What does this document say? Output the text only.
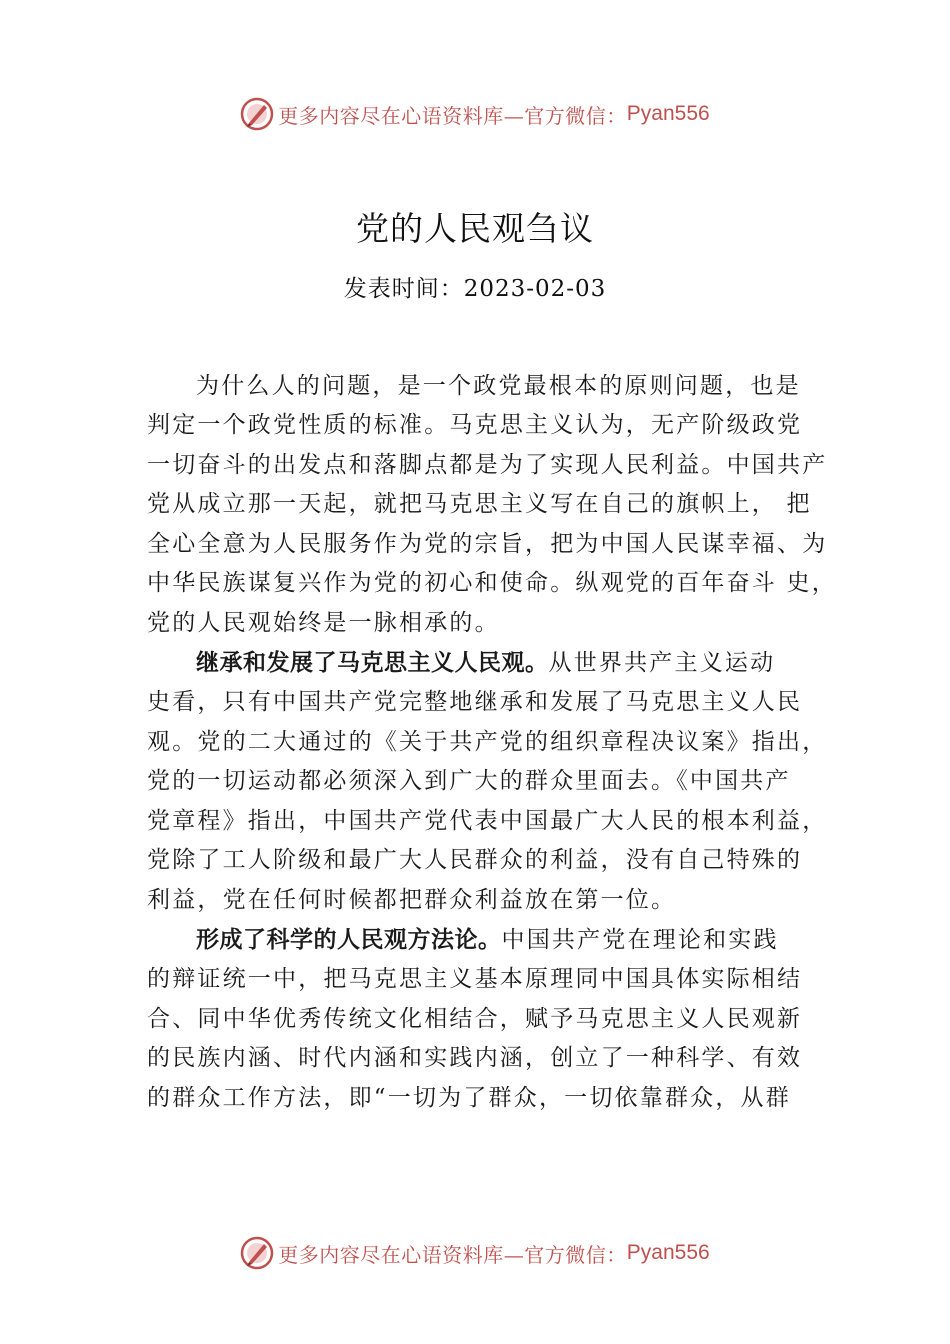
更多内容尽在心语资料库—官方微信： Pyan556
党的人民观刍议
发表时间：2023-02-03
为什么人的问题，是一个政党最根本的原则问题，也是
判定一个政党性质的标准。马克思主义认为，无产阶级政党
一切奋斗的出发点和落脚点都是为了实现人民利益。中国共产
党从成立那一天起，就把马克思主义写在自己的旗帜上， 把
全心全意为人民服务作为党的宗旨，把为中国人民谋幸福、为
中华民族谋复兴作为党的初心和使命。纵观党的百年奋斗 史，
党的人民观始终是一脉相承的。
继承和发展了马克思主义人民观。从世界共产主义运动
史看，只有中国共产党完整地继承和发展了马克思主义人民
观。党的二大通过的《关于共产党的组织章程决议案》指出，
党的一切运动都必须深入到广大的群众里面去。《中国共产
党章程》指出，中国共产党代表中国最广大人民的根本利益，
党除了工人阶级和最广大人民群众的利益，没有自己特殊的
利益，党在任何时候都把群众利益放在第一位。
形成了科学的人民观方法论。中国共产党在理论和实践
的辩证统一中，把马克思主义基本原理同中国具体实际相结
合、同中华优秀传统文化相结合，赋予马克思主义人民观新
的民族内涵、时代内涵和实践内涵，创立了一种科学、有效
的群众工作方法，即“一切为了群众，一切依靠群众，从群
更多内容尽在心语资料库—官方微信： Pyan556
